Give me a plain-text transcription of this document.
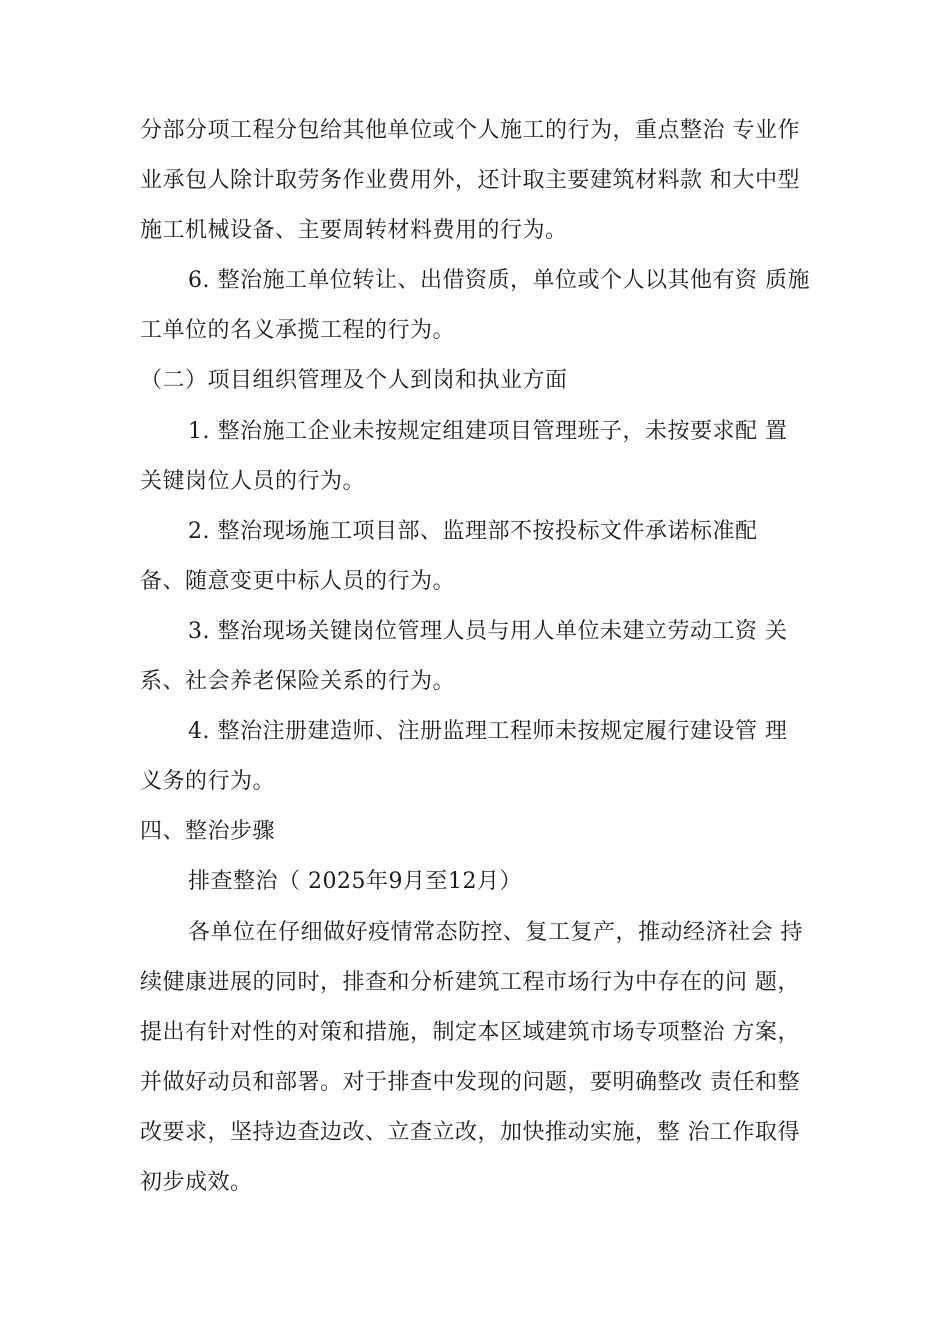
分部分项工程分包给其他单位或个人施工的行为，重点整治 专业作
业承包人除计取劳务作业费用外，还计取主要建筑材料款 和大中型
施工机械设备、主要周转材料费用的行为。
6. 整治施工单位转让、出借资质，单位或个人以其他有资 质施
工单位的名义承揽工程的行为。
（二）项目组织管理及个人到岗和执业方面
1. 整治施工企业未按规定组建项目管理班子，未按要求配 置
关键岗位人员的行为。
2. 整治现场施工项目部、监理部不按投标文件承诺标准配
备、随意变更中标人员的行为。
3. 整治现场关键岗位管理人员与用人单位未建立劳动工资 关
系、社会养老保险关系的行为。
4. 整治注册建造师、注册监理工程师未按规定履行建设管 理
义务的行为。
四、整治步骤
排查整治（ 2025年9月至12月）
各单位在仔细做好疫情常态防控、复工复产，推动经济社会 持
续健康进展的同时，排查和分析建筑工程市场行为中存在的问 题，
提出有针对性的对策和措施，制定本区域建筑市场专项整治 方案，
并做好动员和部署。对于排查中发现的问题，要明确整改 责任和整
改要求，坚持边查边改、立查立改，加快推动实施，整 治工作取得
初步成效。
